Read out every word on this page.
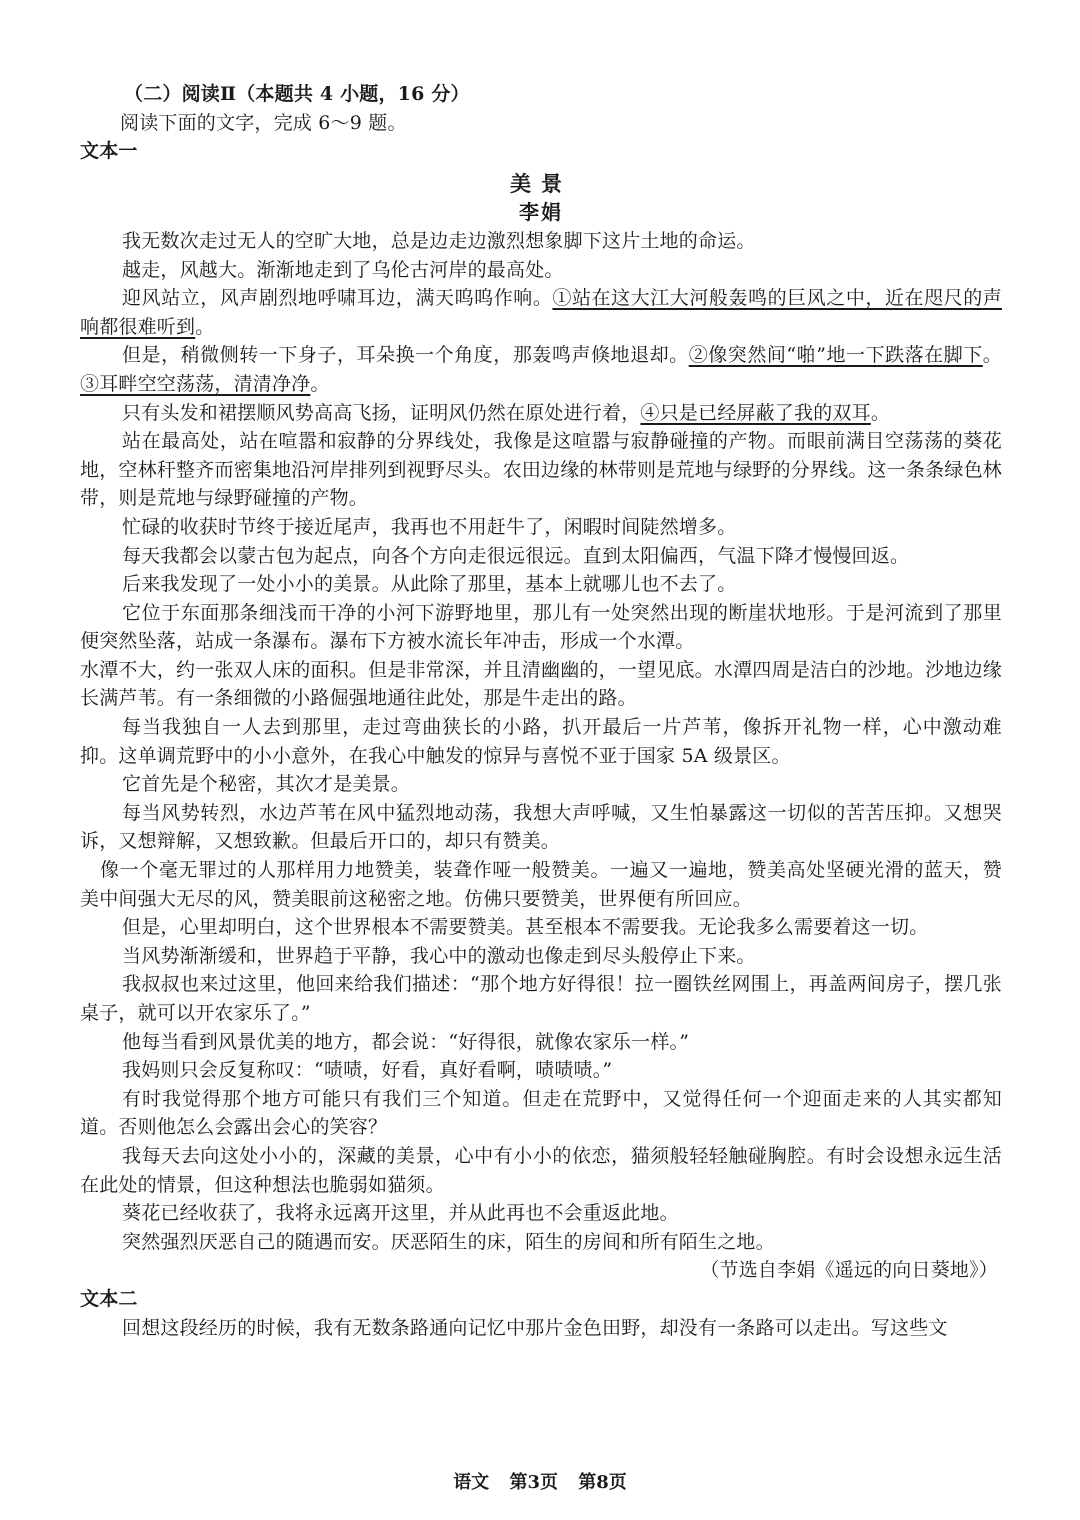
（二）阅读Ⅱ（本题共 4 小题，16 分）
阅读下面的文字，完成 6～9 题。
文本一
美景
李娟
我无数次走过无人的空旷大地，总是边走边激烈想象脚下这片土地的命运。
越走，风越大。渐渐地走到了乌伦古河岸的最高处。
迎风站立，风声剧烈地呼啸耳边，满天呜呜作响。①站在这大江大河般轰鸣的巨风之中，近在咫尺的声响都很难听到。
但是，稍微侧转一下身子，耳朵换一个角度，那轰鸣声倏地退却。②像突然间“啪”地一下跌落在脚下。③耳畔空空荡荡，清清净净。
只有头发和裙摆顺风势高高飞扬，证明风仍然在原处进行着，④只是已经屏蔽了我的双耳。
站在最高处，站在喧嚣和寂静的分界线处，我像是这喧嚣与寂静碰撞的产物。而眼前满目空荡荡的葵花地，空林秆整齐而密集地沿河岸排列到视野尽头。农田边缘的林带则是荒地与绿野的分界线。这一条条绿色林带，则是荒地与绿野碰撞的产物。
忙碌的收获时节终于接近尾声，我再也不用赶牛了，闲暇时间陡然增多。
每天我都会以蒙古包为起点，向各个方向走很远很远。直到太阳偏西，气温下降才慢慢回返。
后来我发现了一处小小的美景。从此除了那里，基本上就哪儿也不去了。
它位于东面那条细浅而干净的小河下游野地里，那儿有一处突然出现的断崖状地形。于是河流到了那里便突然坠落，站成一条瀑布。瀑布下方被水流长年冲击，形成一个水潭。
水潭不大，约一张双人床的面积。但是非常深，并且清幽幽的，一望见底。水潭四周是洁白的沙地。沙地边缘长满芦苇。有一条细微的小路倔强地通往此处，那是牛走出的路。
每当我独自一人去到那里，走过弯曲狭长的小路，扒开最后一片芦苇，像拆开礼物一样，心中激动难抑。这单调荒野中的小小意外，在我心中触发的惊异与喜悦不亚于国家 5A 级景区。
它首先是个秘密，其次才是美景。
每当风势转烈，水边芦苇在风中猛烈地动荡，我想大声呼喊，又生怕暴露这一切似的苦苦压抑。又想哭诉，又想辩解，又想致歉。但最后开口的，却只有赞美。
像一个毫无罪过的人那样用力地赞美，装聋作哑一般赞美。一遍又一遍地，赞美高处坚硬光滑的蓝天，赞美中间强大无尽的风，赞美眼前这秘密之地。仿佛只要赞美，世界便有所回应。
但是，心里却明白，这个世界根本不需要赞美。甚至根本不需要我。无论我多么需要着这一切。
当风势渐渐缓和，世界趋于平静，我心中的激动也像走到尽头般停止下来。
我叔叔也来过这里，他回来给我们描述：“那个地方好得很！拉一圈铁丝网围上，再盖两间房子，摆几张桌子，就可以开农家乐了。”
他每当看到风景优美的地方，都会说：“好得很，就像农家乐一样。”
我妈则只会反复称叹：“啧啧，好看，真好看啊，啧啧啧。”
有时我觉得那个地方可能只有我们三个知道。但走在荒野中，又觉得任何一个迎面走来的人其实都知道。否则他怎么会露出会心的笑容？
我每天去向这处小小的，深藏的美景，心中有小小的依恋，猫须般轻轻触碰胸腔。有时会设想永远生活在此处的情景，但这种想法也脆弱如猫须。
葵花已经收获了，我将永远离开这里，并从此再也不会重返此地。
突然强烈厌恶自己的随遇而安。厌恶陌生的床，陌生的房间和所有陌生之地。
（节选自李娟《遥远的向日葵地》）
文本二
回想这段经历的时候，我有无数条路通向记忆中那片金色田野，却没有一条路可以走出。写这些文
语文 第3页 第8页
